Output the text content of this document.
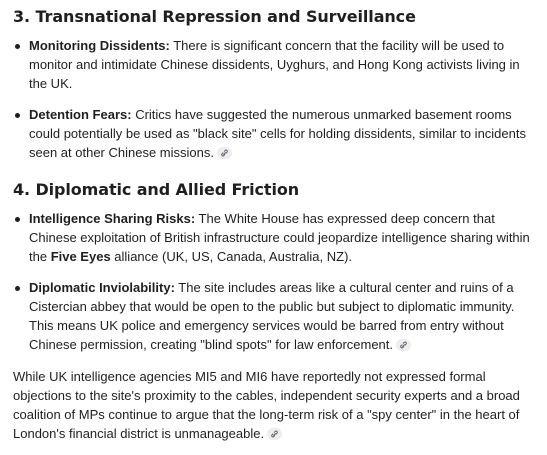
3. Transnational Repression and Surveillance
Monitoring Dissidents: There is significant concern that the facility will be used to monitor and intimidate Chinese dissidents, Uyghurs, and Hong Kong activists living in the UK.
Detention Fears: Critics have suggested the numerous unmarked basement rooms could potentially be used as "black site" cells for holding dissidents, similar to incidents seen at other Chinese missions.
4. Diplomatic and Allied Friction
Intelligence Sharing Risks: The White House has expressed deep concern that Chinese exploitation of British infrastructure could jeopardize intelligence sharing within the Five Eyes alliance (UK, US, Canada, Australia, NZ).
Diplomatic Inviolability: The site includes areas like a cultural center and ruins of a Cistercian abbey that would be open to the public but subject to diplomatic immunity. This means UK police and emergency services would be barred from entry without Chinese permission, creating "blind spots" for law enforcement.

While UK intelligence agencies MI5 and MI6 have reportedly not expressed formal objections to the site's proximity to the cables, independent security experts and a broad coalition of MPs continue to argue that the long-term risk of a "spy center" in the heart of London's financial district is unmanageable.
